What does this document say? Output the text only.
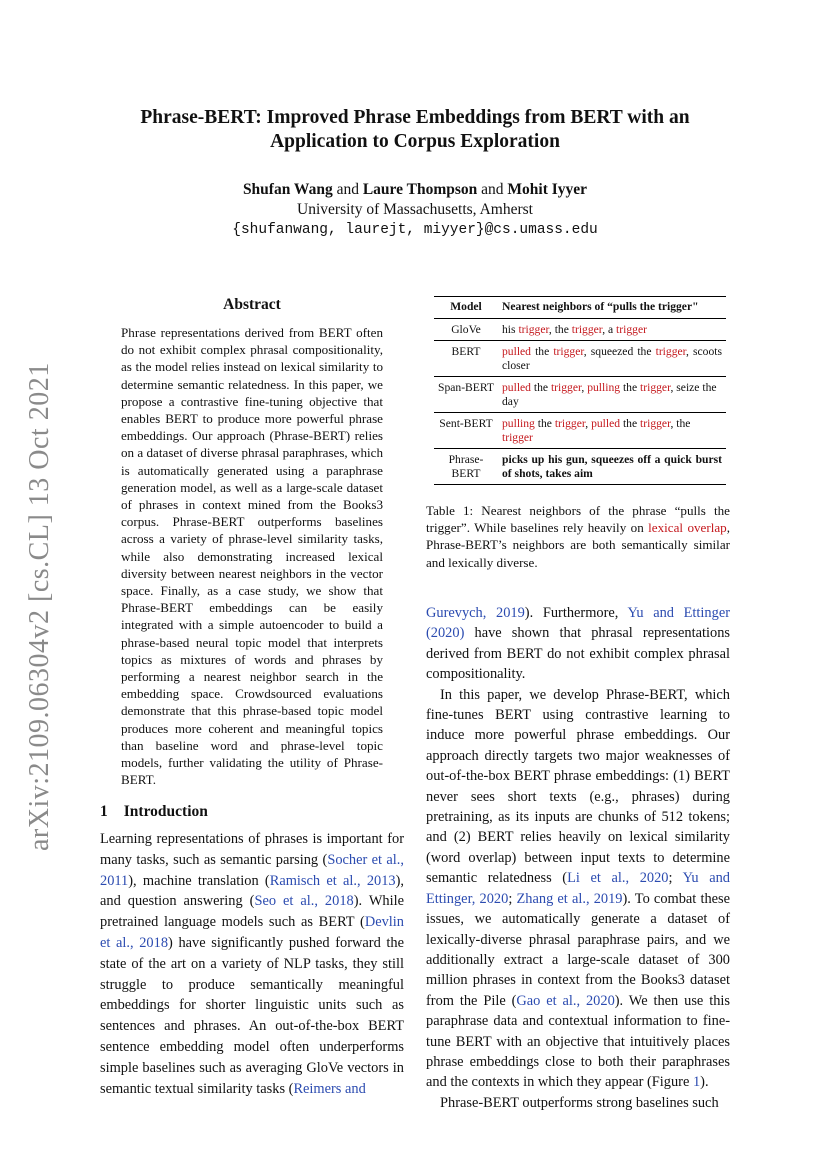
arXiv:2109.06304v2 [cs.CL] 13 Oct 2021
Phrase-BERT: Improved Phrase Embeddings from BERT with an
Application to Corpus Exploration
Shufan Wang and Laure Thompson and Mohit Iyyer
University of Massachusetts, Amherst
{shufanwang, laurejt, miyyer}@cs.umass.edu
Abstract
Phrase representations derived from BERT often do not exhibit complex phrasal compositionality, as the model relies instead on lexical similarity to determine semantic relatedness. In this paper, we propose a contrastive fine-tuning objective that enables BERT to produce more powerful phrase embeddings. Our approach (Phrase-BERT) relies on a dataset of diverse phrasal paraphrases, which is automatically generated using a paraphrase generation model, as well as a large-scale dataset of phrases in context mined from the Books3 corpus. Phrase-BERT outperforms baselines across a variety of phrase-level similarity tasks, while also demonstrating increased lexical diversity between nearest neighbors in the vector space. Finally, as a case study, we show that Phrase-BERT embeddings can be easily integrated with a simple autoencoder to build a phrase-based neural topic model that interprets topics as mixtures of words and phrases by performing a nearest neighbor search in the embedding space. Crowdsourced evaluations demonstrate that this phrase-based topic model produces more coherent and meaningful topics than baseline word and phrase-level topic models, further validating the utility of Phrase-BERT.
Model	Nearest neighbors of “pulls the trigger"
GloVe	his trigger, the trigger, a trigger
BERT	pulled the trigger, squeezed the trigger, scoots closer
Span-BERT	pulled the trigger, pulling the trigger, seize the day
Sent-BERT	pulling the trigger, pulled the trigger, the trigger
Phrase-BERT	picks up his gun, squeezes off a quick burst of shots, takes aim
Table 1: Nearest neighbors of the phrase “pulls the trigger”. While baselines rely heavily on lexical overlap, Phrase-BERT’s neighbors are both semantically similar and lexically diverse.
1 Introduction
Learning representations of phrases is important for many tasks, such as semantic parsing (Socher et al., 2011), machine translation (Ramisch et al., 2013), and question answering (Seo et al., 2018). While pretrained language models such as BERT (Devlin et al., 2018) have significantly pushed forward the state of the art on a variety of NLP tasks, they still struggle to produce semantically meaningful embeddings for shorter linguistic units such as sentences and phrases. An out-of-the-box BERT sentence embedding model often underperforms simple baselines such as averaging GloVe vectors in semantic textual similarity tasks (Reimers and

Gurevych, 2019). Furthermore, Yu and Ettinger (2020) have shown that phrasal representations derived from BERT do not exhibit complex phrasal compositionality.

In this paper, we develop Phrase-BERT, which fine-tunes BERT using contrastive learning to induce more powerful phrase embeddings. Our approach directly targets two major weaknesses of out-of-the-box BERT phrase embeddings: (1) BERT never sees short texts (e.g., phrases) during pretraining, as its inputs are chunks of 512 tokens; and (2) BERT relies heavily on lexical similarity (word overlap) between input texts to determine semantic relatedness (Li et al., 2020; Yu and Ettinger, 2020; Zhang et al., 2019). To combat these issues, we automatically generate a dataset of lexically-diverse phrasal paraphrase pairs, and we additionally extract a large-scale dataset of 300 million phrases in context from the Books3 dataset from the Pile (Gao et al., 2020). We then use this paraphrase data and contextual information to fine-tune BERT with an objective that intuitively places phrase embeddings close to both their paraphrases and the contexts in which they appear (Figure 1).

Phrase-BERT outperforms strong baselines such
